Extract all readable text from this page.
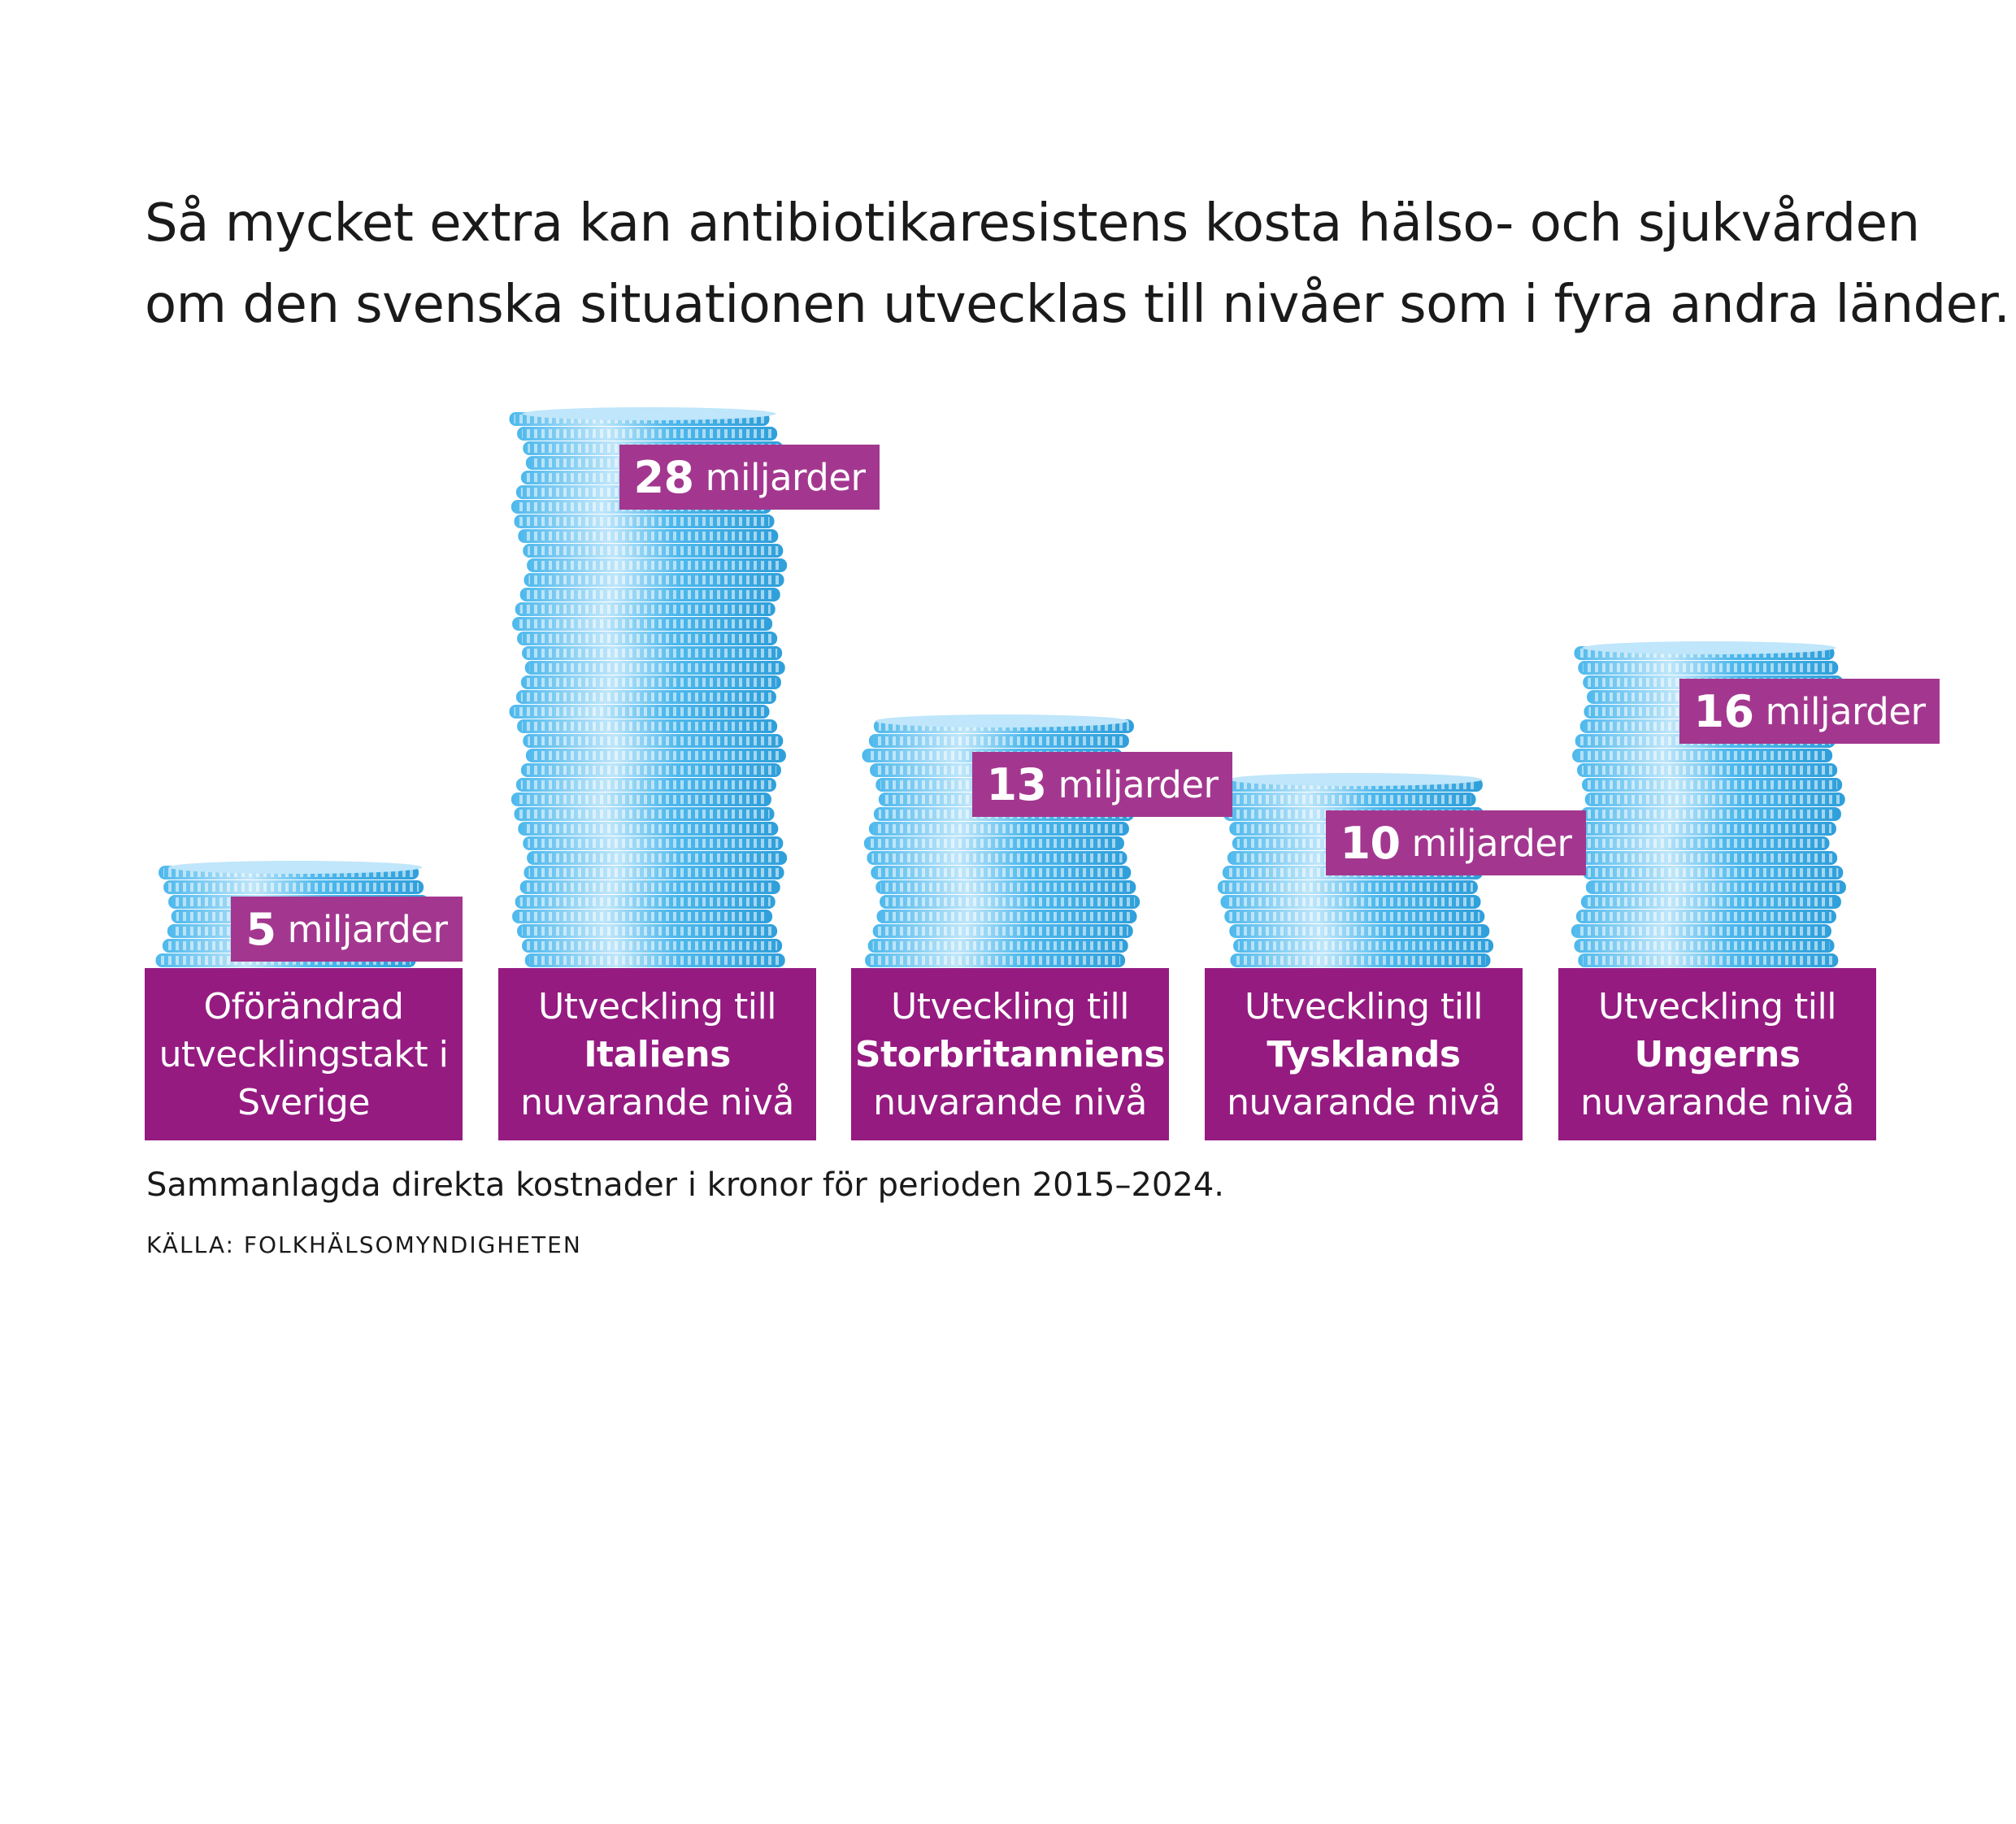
Så mycket extra kan antibiotikaresistens kosta hälso- och sjukvården
om den svenska situationen utvecklas till nivåer som i fyra andra länder.
5 miljarder
Oförändrad utvecklingstakt i Sverige
28 miljarder
Utveckling till Italiens nuvarande nivå
13 miljarder
Utveckling till Storbritanniens nuvarande nivå
10 miljarder
Utveckling till Tysklands nuvarande nivå
16 miljarder
Utveckling till Ungerns nuvarande nivå

Sammanlagda direkta kostnader i kronor för perioden 2015–2024.

KÄLLA: FOLKHÄLSOMYNDIGHETEN
